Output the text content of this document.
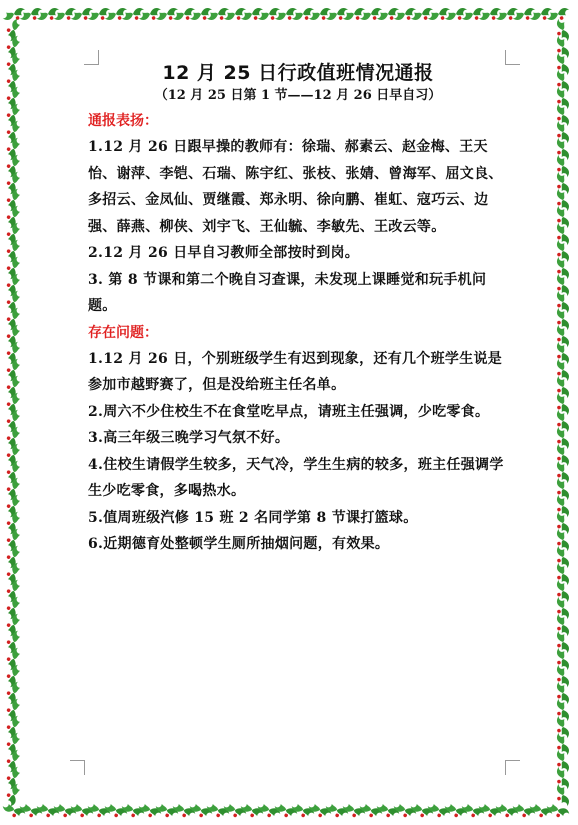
12 月 25 日行政值班情况通报

（12 月 25 日第 1 节——12 月 26 日早自习）

通报表扬：

1.12 月 26 日跟早操的教师有：徐瑞、郝素云、赵金梅、王天怡、谢萍、李铠、石瑞、陈宇红、张枝、张婧、曾海军、屈文良、多招云、金凤仙、贾继霞、郑永明、徐向鹏、崔虹、寇巧云、边强、薛燕、柳侠、刘宇飞、王仙毓、李敏先、王改云等。

2.12 月 26 日早自习教师全部按时到岗。

3. 第 8 节课和第二个晚自习查课，未发现上课睡觉和玩手机问题。

存在问题：

1.12 月 26 日，个别班级学生有迟到现象，还有几个班学生说是参加市越野赛了，但是没给班主任名单。

2.周六不少住校生不在食堂吃早点，请班主任强调，少吃零食。

3.高三年级三晚学习气氛不好。

4.住校生请假学生较多，天气冷，学生生病的较多，班主任强调学生少吃零食，多喝热水。

5.值周班级汽修 15 班 2 名同学第 8 节课打篮球。

6.近期德育处整顿学生厕所抽烟问题，有效果。
